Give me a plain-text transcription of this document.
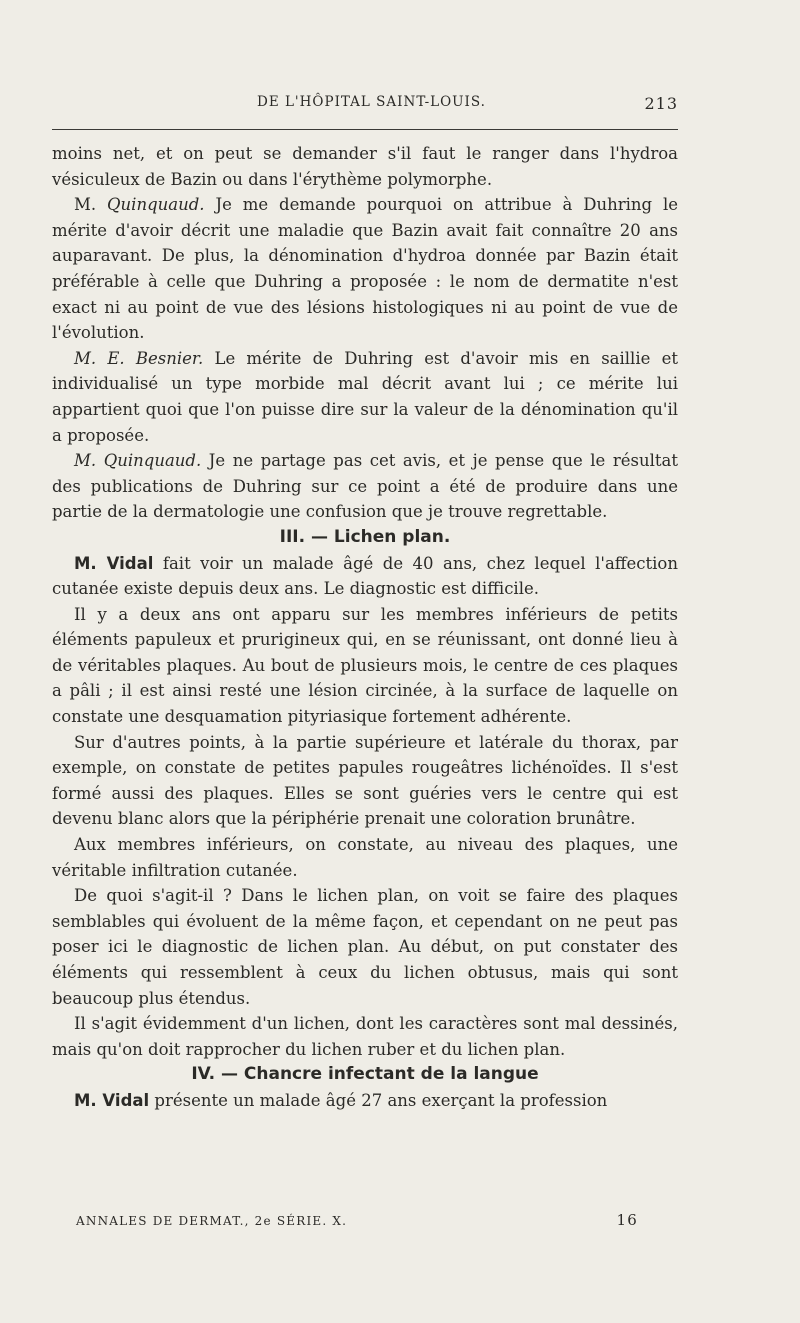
DE L'HÔPITAL SAINT-LOUIS.	213

moins net, et on peut se demander s'il faut le ranger dans l'hydroa vésiculeux de Bazin ou dans l'érythème polymorphe.

M. Quinquaud. Je me demande pourquoi on attribue à Duhring le mérite d'avoir décrit une maladie que Bazin avait fait connaître 20 ans auparavant. De plus, la dénomination d'hydroa donnée par Bazin était préférable à celle que Duhring a proposée : le nom de dermatite n'est exact ni au point de vue des lésions histologiques ni au point de vue de l'évolution.

M. E. Besnier. Le mérite de Duhring est d'avoir mis en saillie et individualisé un type morbide mal décrit avant lui ; ce mérite lui appartient quoi que l'on puisse dire sur la valeur de la dénomination qu'il a proposée.

M. Quinquaud. Je ne partage pas cet avis, et je pense que le résultat des publications de Duhring sur ce point a été de produire dans une partie de la dermatologie une confusion que je trouve regrettable.

III. — Lichen plan.

M. Vidal fait voir un malade âgé de 40 ans, chez lequel l'affection cutanée existe depuis deux ans. Le diagnostic est difficile.

Il y a deux ans ont apparu sur les membres inférieurs de petits éléments papuleux et prurigineux qui, en se réunissant, ont donné lieu à de véritables plaques. Au bout de plusieurs mois, le centre de ces plaques a pâli ; il est ainsi resté une lésion circinée, à la surface de laquelle on constate une desquamation pityriasique fortement adhérente.

Sur d'autres points, à la partie supérieure et latérale du thorax, par exemple, on constate de petites papules rougeâtres lichénoïdes. Il s'est formé aussi des plaques. Elles se sont guéries vers le centre qui est devenu blanc alors que la périphérie prenait une coloration brunâtre.

Aux membres inférieurs, on constate, au niveau des plaques, une véritable infiltration cutanée.

De quoi s'agit-il ? Dans le lichen plan, on voit se faire des plaques semblables qui évoluent de la même façon, et cependant on ne peut pas poser ici le diagnostic de lichen plan. Au début, on put constater des éléments qui ressemblent à ceux du lichen obtusus, mais qui sont beaucoup plus étendus.

Il s'agit évidemment d'un lichen, dont les caractères sont mal dessinés, mais qu'on doit rapprocher du lichen ruber et du lichen plan.

IV. — Chancre infectant de la langue

M. Vidal présente un malade âgé 27 ans exerçant la profession

ANNALES DE DERMAT., 2e SÉRIE. X.	16
